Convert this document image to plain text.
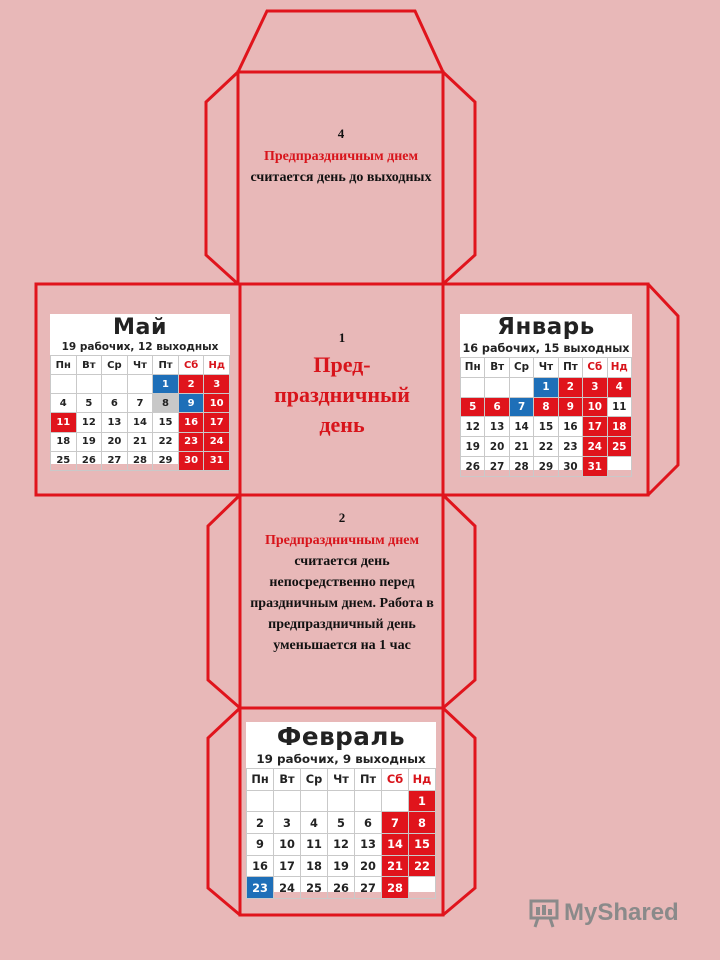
4
Предпраздничным днем
считается день до выходных
1
Пред-праздничный день
2
Предпраздничным днем
считается день непосредственно перед праздничным днем. Работа в предпраздничный день уменьшается на 1 час
Май
19 рабочих, 12 выходных
Пн	Вт	Ср	Чт	Пт	Сб	Нд
				1	2	3
4	5	6	7	8	9	10
11	12	13	14	15	16	17
18	19	20	21	22	23	24
25	26	27	28	29	30	31
Январь
16 рабочих, 15 выходных
Пн	Вт	Ср	Чт	Пт	Сб	Нд
			1	2	3	4
5	6	7	8	9	10	11
12	13	14	15	16	17	18
19	20	21	22	23	24	25
26	27	28	29	30	31	
Февраль
19 рабочих, 9 выходных
Пн	Вт	Ср	Чт	Пт	Сб	Нд
						1
2	3	4	5	6	7	8
9	10	11	12	13	14	15
16	17	18	19	20	21	22
23	24	25	26	27	28	
MyShared
